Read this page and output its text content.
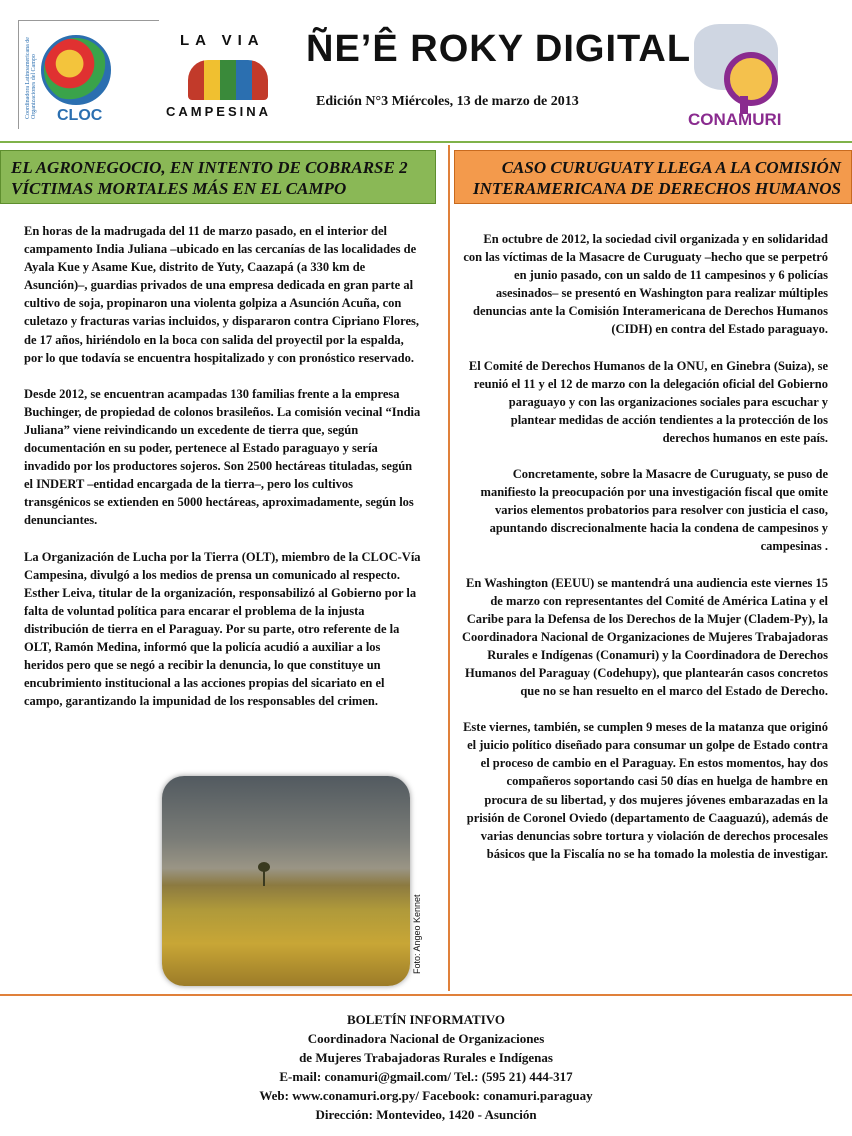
Coordinadora Latinoamericana de Organizaciones del Campo CLOC
LA VIA
CAMPESINA
ÑE’Ê ROKY DIGITAL
Edición N°3 Miércoles, 13 de marzo de 2013
CONAMURI
EL AGRONEGOCIO, EN INTENTO DE COBRARSE 2
VÍCTIMAS MORTALES MÁS EN EL CAMPO
CASO CURUGUATY LLEGA A LA COMISIÓN
INTERAMERICANA DE DERECHOS HUMANOS

En horas de la madrugada del 11 de marzo pasado, en el interior del campamento India Juliana –ubicado en las cercanías de las localidades de Ayala Kue y Asame Kue, distrito de Yuty, Caazapá (a 330 km de Asunción)–, guardias privados de una empresa dedicada en gran parte al cultivo de soja, propinaron una violenta golpiza a Asunción Acuña, con culetazo y fracturas varias incluidos, y dispararon contra Cipriano Flores, de 17 años, hiriéndolo en la boca con salida del proyectil por la espalda, por lo que todavía se encuentra hospitalizado y con pronóstico reservado.

Desde 2012, se encuentran acampadas 130 familias frente a la empresa Buchinger, de propiedad de colonos brasileños. La comisión vecinal “India Juliana” viene reivindicando un excedente de tierra que, según documentación en su poder, pertenece al Estado paraguayo y sería invadido por los productores sojeros. Son 2500 hectáreas tituladas, según el INDERT –entidad encargada de la tierra–, pero los cultivos transgénicos se extienden en 5000 hectáreas, aproximadamente, según los denunciantes.

La Organización de Lucha por la Tierra (OLT), miembro de la CLOC-Vía Campesina, divulgó a los medios de prensa un comunicado al respecto. Esther Leiva, titular de la organización, responsabilizó al Gobierno por la falta de voluntad política para encarar el problema de la injusta distribución de tierra en el Paraguay. Por su parte, otro referente de la OLT, Ramón Medina, informó que la policía acudió a auxiliar a los heridos pero que se negó a recibir la denuncia, lo que constituye un encubrimiento institucional a las acciones propias del sicariato en el campo, garantizando la impunidad de los responsables del crimen.

Foto: Angeo Kennet

En octubre de 2012, la sociedad civil organizada y en solidaridad con las víctimas de la Masacre de Curuguaty –hecho que se perpetró en junio pasado, con un saldo de 11 campesinos y 6 policías asesinados– se presentó en Washington para realizar múltiples denuncias ante la Comisión Interamericana de Derechos Humanos (CIDH) en contra del Estado paraguayo.

El Comité de Derechos Humanos de la ONU, en Ginebra (Suiza), se reunió el 11 y el 12 de marzo con la delegación oficial del Gobierno paraguayo y con las organizaciones sociales para escuchar y plantear medidas de acción tendientes a la protección de los derechos humanos en este país.

Concretamente, sobre la Masacre de Curuguaty, se puso de manifiesto la preocupación por una investigación fiscal que omite varios elementos probatorios para resolver con justicia el caso, apuntando discrecionalmente hacia la condena de campesinos y campesinas .

En Washington (EEUU) se mantendrá una audiencia este viernes 15 de marzo con representantes del Comité de América Latina y el Caribe para la Defensa de los Derechos de la Mujer (Cladem-Py), la Coordinadora Nacional de Organizaciones de Mujeres Trabajadoras Rurales e Indígenas (Conamuri) y la Coordinadora de Derechos Humanos del Paraguay (Codehupy), que plantearán casos concretos que no se han resuelto en el marco del Estado de Derecho.

Este viernes, también, se cumplen 9 meses de la matanza que originó el juicio político diseñado para consumar un golpe de Estado contra el proceso de cambio en el Paraguay. En estos momentos, hay dos compañeros soportando casi 50 días en huelga de hambre en procura de su libertad, y dos mujeres jóvenes embarazadas en la prisión de Coronel Oviedo (departamento de Caaguazú), además de varias denuncias sobre tortura y violación de derechos procesales básicos que la Fiscalía no se ha tomado la molestia de investigar.

BOLETÍN INFORMATIVO
Coordinadora Nacional de Organizaciones
de Mujeres Trabajadoras Rurales e Indígenas
E-mail: conamuri@gmail.com/ Tel.: (595 21) 444-317
Web: www.conamuri.org.py/ Facebook: conamuri.paraguay
Dirección: Montevideo, 1420 - Asunción
